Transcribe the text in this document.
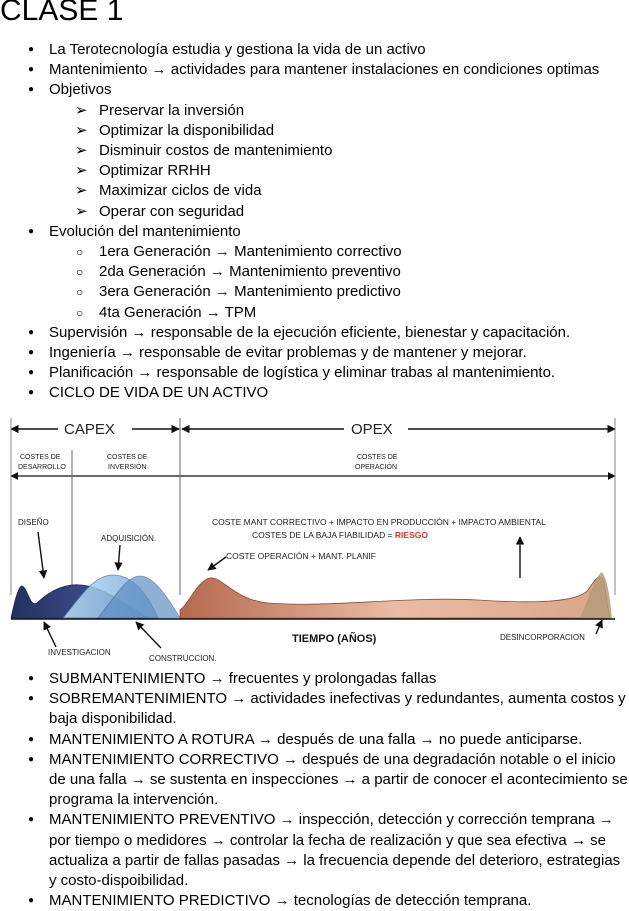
CLASE 1
● La Terotecnología estudia y gestiona la vida de un activo
● Mantenimiento → actividades para mantener instalaciones en condiciones optimas
● Objetivos
➢ Preservar la inversión
➢ Optimizar la disponibilidad
➢ Disminuir costos de mantenimiento
➢ Optimizar RRHH
➢ Maximizar ciclos de vida
➢ Operar con seguridad
● Evolución del mantenimiento
○ 1era Generación → Mantenimiento correctivo
○ 2da Generación → Mantenimiento preventivo
○ 3era Generación → Mantenimiento predictivo
○ 4ta Generación → TPM
● Supervisión → responsable de la ejecución eficiente, bienestar y capacitación.
● Ingeniería → responsable de evitar problemas y de mantener y mejorar.
● Planificación → responsable de logística y eliminar trabas al mantenimiento.
● CICLO DE VIDA DE UN ACTIVO
CAPEX	OPEX
COSTES DE DESARROLLO
COSTES DE INVERSIÓN
COSTES DE OPERACIÓN
DISEÑO
ADQUISICIÓN.
COSTE MANT CORRECTIVO + IMPACTO EN PRODUCCIÓN + IMPACTO AMBIENTAL
COSTES DE LA BAJA FIABILIDAD = RIESGO
COSTE OPERACIÓN + MANT. PLANIF
TIEMPO (AÑOS)
INVESTIGACION
CONSTRUCCION.
DESINCORPORACION
● SUBMANTENIMIENTO → frecuentes y prolongadas fallas
● SOBREMANTENIMIENTO → actividades inefectivas y redundantes, aumenta costos y baja disponibilidad.
● MANTENIMIENTO A ROTURA → después de una falla → no puede anticiparse.
● MANTENIMIENTO CORRECTIVO → después de una degradación notable o el inicio de una falla → se sustenta en inspecciones → a partir de conocer el acontecimiento se programa la intervención.
● MANTENIMIENTO PREVENTIVO → inspección, detección y corrección temprana → por tiempo o medidores → controlar la fecha de realización y que sea efectiva → se actualiza a partir de fallas pasadas → la frecuencia depende del deterioro, estrategias y costo-dispoibilidad.
● MANTENIMIENTO PREDICTIVO → tecnologías de detección temprana.
